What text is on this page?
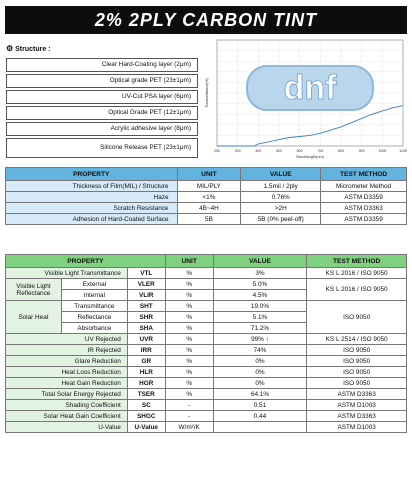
2% 2PLY CARBON TINT
⚙ Structure :
Clear Hard-Coating layer (2μm)
Optical grade PET (23±1μm)
UV-Cut PSA layer (6μm)
Optical Grade PET (12±1μm)
Acrylic adhesive layer (8μm)
Silicone Release PET (23±1μm)	200	300	400	500	600	700	800	900	1000	1100
Wavelength(nm)
Transmittance(%) dnf
PROPERTY	UNIT	VALUE	TEST METHOD
Thickness of Film(MIL) / Structure	MIL/PLY	1.5mil / 2ply	Micrometer Method
Haze	<1%	0.76%	ASTM D3359
Scratch Resistance	4B~4H	>2H	ASTM D3363
Adhesion of Hard-Coated Surface	5B	5B (0% peel-off)	ASTM D3359
PROPERTY			UNIT	VALUE	TEST METHOD
Visible Light Transmittance		VTL	%	3%	KS L 2016 / ISO 9050
Visible Light Reflectance	External	VLER	%	5.0%	KS L 2016 / ISO 9050
	Internal	VLIR	%	4.5%	
Solar Heat	Transmittance	SHT	%	19.0%	ISO 9050
	Reflectance	SHR	%	5.1%	
	Absorbance	SHA	%	71.2%	
UV Rejected		UVR	%	99% ↑	KS L 2514 / ISO 9050
IR Rejected		IRR	%	74%	ISO 9050
Glare Reduction		GR	%	0%	ISO 9050
Heat Loss Reduction		HLR	%	0%	ISO 9050
Heat Gain Reduction		HGR	%	0%	ISO 9050
Total Solar Energy Rejected		TSER	%	64.1%	ASTM D3363
Shading Coefficient		SC	-	0.51	ASTM D1003
Solar Heat Gain Coefficient		SHGC	-	0.44	ASTM D3363
U-Value		U-Value	W/m²/K		ASTM D1003
